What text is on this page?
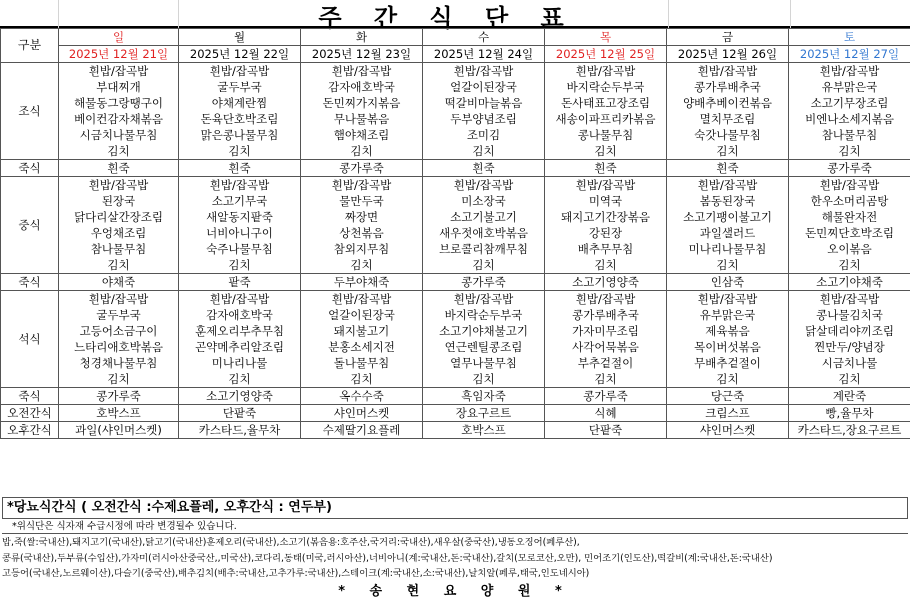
주 간 식 단 표
구분	일	월	화	수	목	금	토
	2025년 12월 21일	2025년 12월 22일	2025년 12월 23일	2025년 12월 24일	2025년 12월 25일	2025년 12월 26일	2025년 12월 27일
조식	흰밥/잡곡밥	흰밥/잡곡밥	흰밥/잡곡밥	흰밥/잡곡밥	흰밥/잡곡밥	흰밥/잡곡밥	흰밥/잡곡밥
	부대찌개	굴두부국	감자애호박국	얼갈이된장국	바지락순두부국	콩가루배추국	유부맑은국
	해물동그랑땡구이	야채계란찜	돈민찌가지볶음	떡갈비마늘볶음	돈사태표고장조림	양배추베이컨볶음	소고기무장조림
	베이컨감자채볶음	돈육단호박조림	무나물볶음	두부양념조림	새송이파프리카볶음	멸치무조림	비엔나소세지볶음
	시금치나물무침	맑은콩나물무침	햄야채조림	조미김	콩나물무침	숙갓나물무침	참나물무침
	김치	김치	김치	김치	김치	김치	김치
죽식	흰죽	흰죽	콩가루죽	흰죽	흰죽	흰죽	콩가루죽
중식	흰밥/잡곡밥	흰밥/잡곡밥	흰밥/잡곡밥	흰밥/잡곡밥	흰밥/잡곡밥	흰밥/잡곡밥	흰밥/잡곡밥
	된장국	소고기무국	물만두국	미소장국	미역국	봄동된장국	한우소머리곰탕
	닭다리살간장조림	새알동지팥죽	짜장면	소고기불고기	돼지고기간장볶음	소고기팽이불고기	해물완자전
	우엉채조림	너비아니구이	상천볶음	새우젓애호박볶음	강된장	과일샐러드	돈민찌단호박조림
	참나물무침	숙주나물무침	참외지무침	브로콜리참깨무침	배추무무침	미나리나물무침	오이볶음
	김치	김치	김치	김치	김치	김치	김치
죽식	야채죽	팥죽	두부야채죽	콩가루죽	소고기영양죽	인삼죽	소고기야채죽
석식	흰밥/잡곡밥	흰밥/잡곡밥	흰밥/잡곡밥	흰밥/잡곡밥	흰밥/잡곡밥	흰밥/잡곡밥	흰밥/잡곡밥
	굴두부국	감자애호박국	얼갈이된장국	바지락순두부국	콩가루배추국	유부맑은국	콩나물김치국
	고등어소금구이	훈제오리부추무침	돼지불고기	소고기야채불고기	가자미무조림	제육볶음	닭살데리야끼조림
	느타리애호박볶음	곤약메추리알조림	분홍소세지전	연근렌틸콩조림	사각어묵볶음	목이버섯볶음	찐만두/양념장
	청경채나물무침	미나리나물	돌나물무침	열무나물무침	부추겉절이	무배추겉절이	시금치나물
	김치	김치	김치	김치	김치	김치	김치
죽식	콩가루죽	소고기영양죽	옥수수죽	흑임자죽	콩가루죽	당근죽	계란죽
오전간식	호박스프	단팥죽	샤인머스켓	장요구르트	식혜	크림스프	빵,율무차
오후간식	과일(샤인머스켓)	카스타드,율무차	수제딸기요플레	호박스프	단팥죽	샤인머스켓	카스타드,장요구르트
*당뇨식간식 ( 오전간식 :수제요플레, 오후간식 : 연두부)
*위식단은 식자재 수급시정에 따라 변경될수 있습니다.
밥,죽(쌀:국내산),돼지고기(국내산),닭고기(국내산)훈제오리(국내산),소고기(볶음용:호주산,국거리:국내산),새우살(중국산),냉동오징어(페루산),
콩류(국내산),두부류(수입산),가자미(러시아산중국산,,미국산),코다리,동태(미국,러시아산),너비아니(계:국내산,돈:국내산),갈치(모로코산,오만), 민어조기(인도산),떡갈비(계:국내산,돈:국내산)
고등어(국내산,노르웨이산),다슬기(중국산),배추김치(배추:국내산,고추가루:국내산),스테이크(계:국내산,소:국내산),날치알(페루,태국,인도네시아)
* 송 현 요 양 원 *
